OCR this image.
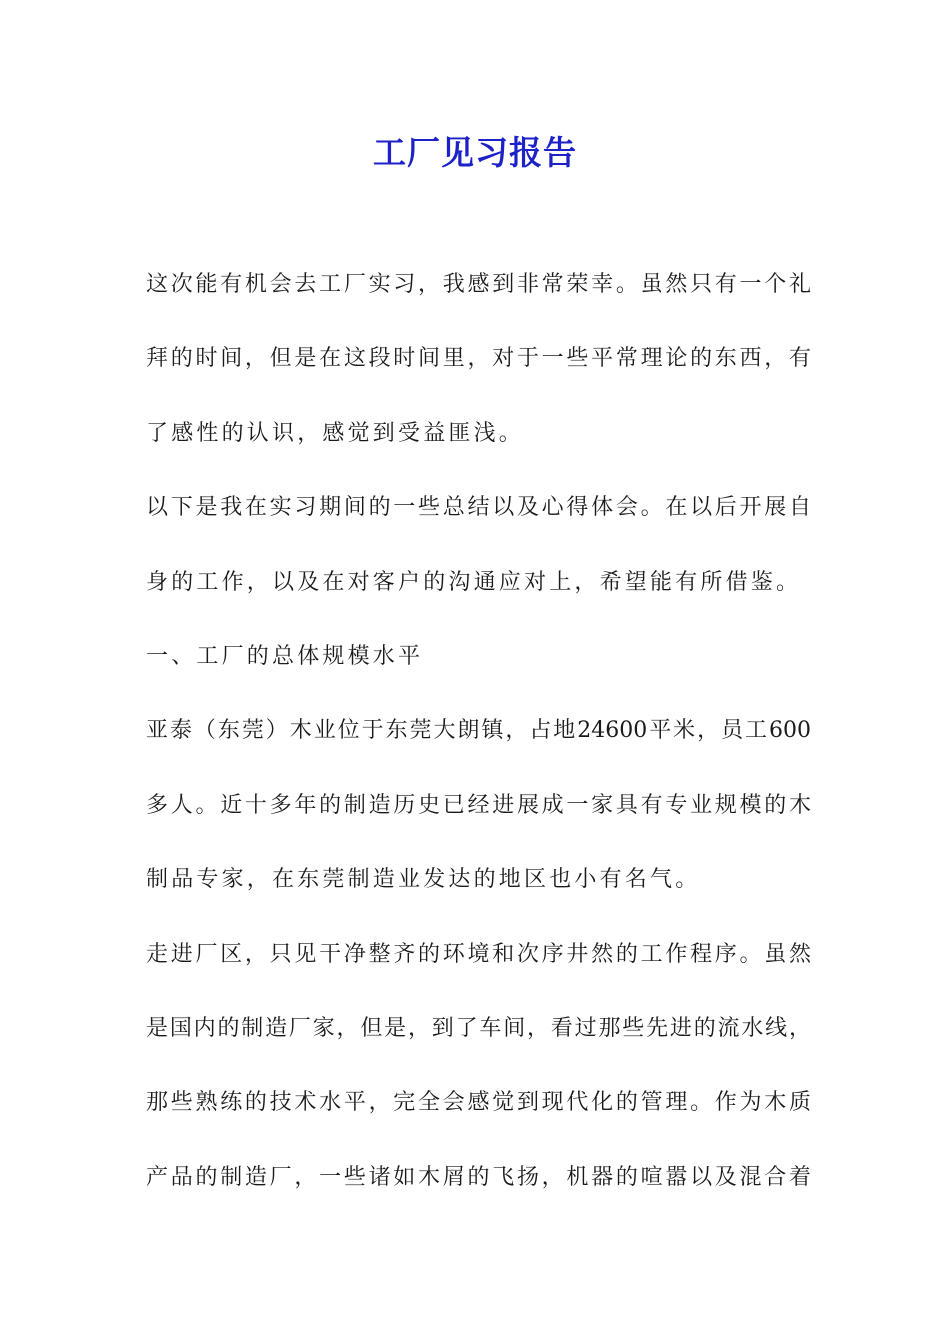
工厂见习报告
这次能有机会去工厂实习，我感到非常荣幸。虽然只有一个礼
拜的时间，但是在这段时间里，对于一些平常理论的东西，有
了感性的认识，感觉到受益匪浅。
以下是我在实习期间的一些总结以及心得体会。在以后开展自
身的工作，以及在对客户的沟通应对上，希望能有所借鉴。
一、工厂的总体规模水平
亚泰（东莞）木业位于东莞大朗镇，占地24600平米，员工600
多人。近十多年的制造历史已经进展成一家具有专业规模的木
制品专家，在东莞制造业发达的地区也小有名气。
走进厂区，只见干净整齐的环境和次序井然的工作程序。虽然
是国内的制造厂家，但是，到了车间，看过那些先进的流水线，
那些熟练的技术水平，完全会感觉到现代化的管理。作为木质
产品的制造厂，一些诸如木屑的飞扬，机器的喧嚣以及混合着
